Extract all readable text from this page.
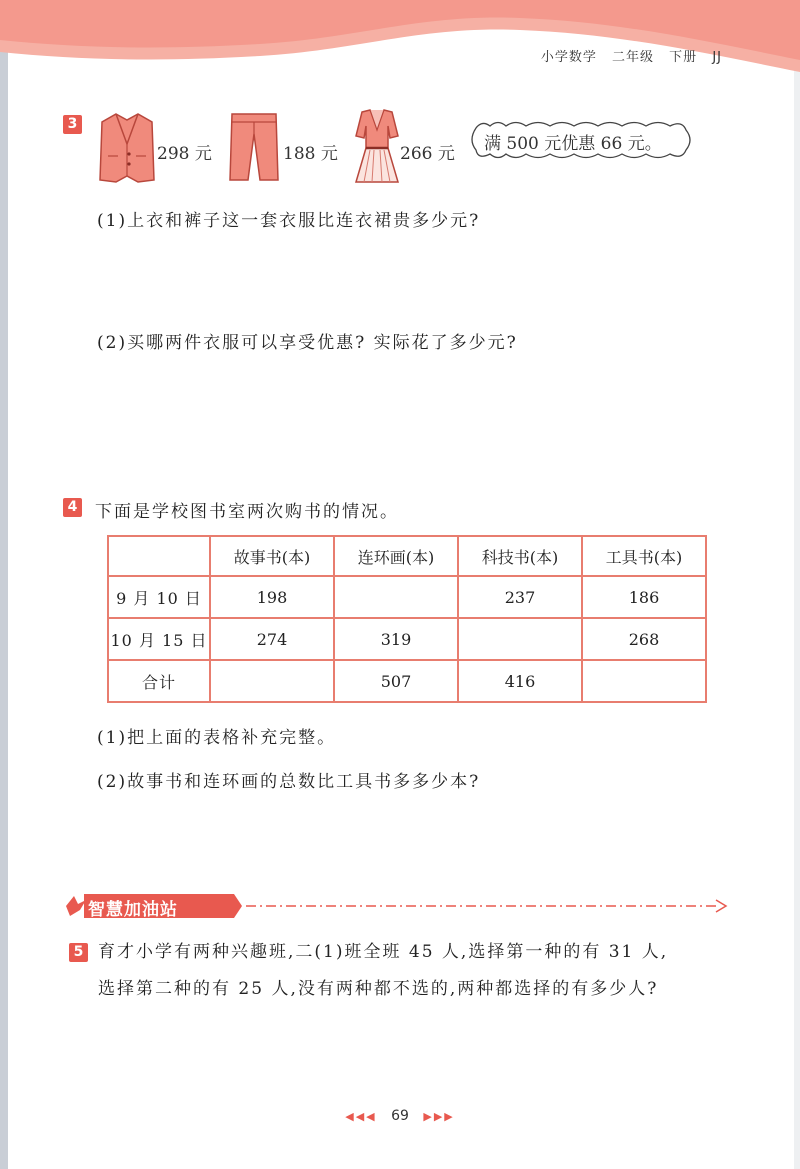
小学数学 二年级 下册 JJ
3
298 元	188 元	266 元 满 500 元优惠 66 元。
(1)上衣和裤子这一套衣服比连衣裙贵多少元?
(2)买哪两件衣服可以享受优惠? 实际花了多少元?
4 下面是学校图书室两次购书的情况。
	故事书(本)	连环画(本)	科技书(本)	工具书(本)
9 月 10 日	198		237	186
10 月 15 日	274	319		268
合计		507	416	
(1)把上面的表格补充完整。
(2)故事书和连环画的总数比工具书多多少本?
智慧加油站
5 育才小学有两种兴趣班,二(1)班全班 45 人,选择第一种的有 31 人,
选择第二种的有 25 人,没有两种都不选的,两种都选择的有多少人?
◀◀◀ 69 ▶▶▶
